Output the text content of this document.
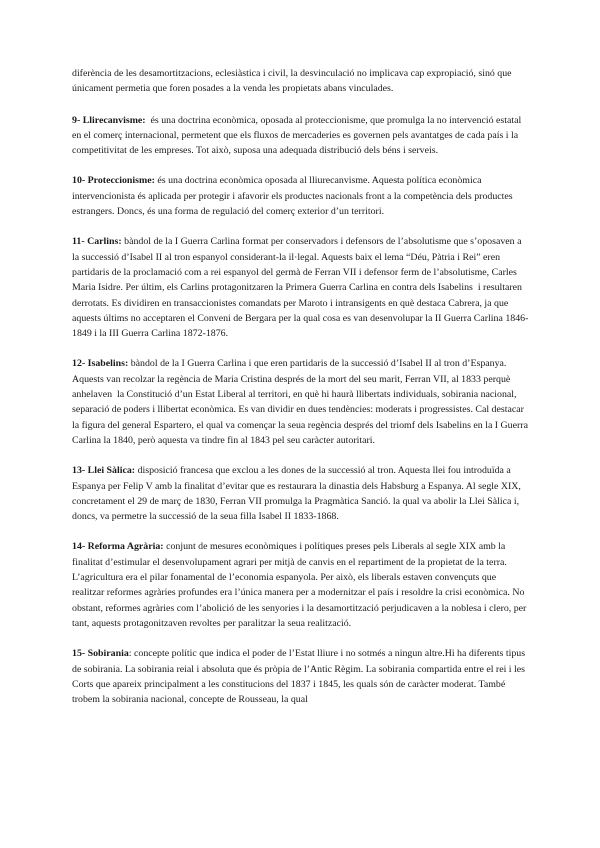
diferència de les desamortitzacions, eclesiàstica i civil, la desvinculació no implicava cap expropiació, sinó que únicament permetia que foren posades a la venda les propietats abans vinculades.

9- Llirecanvisme:  és una doctrina econòmica, oposada al proteccionisme, que promulga la no intervenció estatal en el comerç internacional, permetent que els fluxos de mercaderies es governen pels avantatges de cada país i la competitivitat de les empreses. Tot això, suposa una adequada distribució dels béns i serveis.

10- Proteccionisme: és una doctrina econòmica oposada al lliurecanvisme. Aquesta política econòmica intervencionista és aplicada per protegir i afavorir els productes nacionals front a la competència dels productes estrangers. Doncs, és una forma de regulació del comerç exterior d’un territori.

11- Carlins: bàndol de la I Guerra Carlina format per conservadors i defensors de l’absolutisme que s’oposaven a la successió d’Isabel II al tron espanyol considerant-la il·legal. Aquests baix el lema “Déu, Pàtria i Rei” eren partidaris de la proclamació com a rei espanyol del germà de Ferran VII i defensor ferm de l’absolutisme, Carles Maria Isidre. Per últim, els Carlins protagonitzaren la Primera Guerra Carlina en contra dels Isabelins  i resultaren derrotats. Es dividiren en transaccionistes comandats per Maroto i intransigents en què destaca Cabrera, ja que aquests últims no acceptaren el Conveni de Bergara per la qual cosa es van desenvolupar la II Guerra Carlina 1846-1849 i la III Guerra Carlina 1872-1876.

12- Isabelins: bàndol de la I Guerra Carlina i que eren partidaris de la successió d’Isabel II al tron d’Espanya. Aquests van recolzar la regència de Maria Cristina després de la mort del seu marit, Ferran VII, al 1833 perquè  anhelaven  la Constitució d’un Estat Liberal al territori, en què hi haurà llibertats individuals, sobirania nacional, separació de poders i llibertat econòmica. Es van dividir en dues tendències: moderats i progressistes. Cal destacar la figura del general Espartero, el qual va començar la seua regència després del triomf dels Isabelins en la I Guerra Carlina la 1840, però aquesta va tindre fin al 1843 pel seu caràcter autoritari.

13- Llei Sàlica: disposició francesa que exclou a les dones de la successió al tron. Aquesta llei fou introduïda a Espanya per Felip V amb la finalitat d’evitar que es restaurara la dinastia dels Habsburg a Espanya. Al segle XIX, concretament el 29 de març de 1830, Ferran VII promulga la Pragmàtica Sanció. la qual va abolir la Llei Sàlica i, doncs, va permetre la successió de la seua filla Isabel II 1833-1868.

14- Reforma Agrària: conjunt de mesures econòmiques i polítiques preses pels Liberals al segle XIX amb la finalitat d’estimular el desenvolupament agrari per mitjà de canvis en el repartiment de la propietat de la terra. L’agricultura era el pilar fonamental de l’economia espanyola. Per això, els liberals estaven convençuts que realitzar reformes agràries profundes era l’única manera per a modernitzar el país i resoldre la crisi econòmica. No obstant, reformes agràries com l’abolició de les senyories i la desamortització perjudicaven a la noblesa i clero, per tant, aquests protagonitzaven revoltes per paralitzar la seua realització.

15- Sobirania: concepte polític que indica el poder de l’Estat lliure i no sotmés a ningun altre.Hi ha diferents tipus de sobirania. La sobirania reial i absoluta que és pròpia de l’Antic Règim. La sobirania compartida entre el rei i les Corts que apareix principalment a les constitucions del 1837 i 1845, les quals són de caràcter moderat. També trobem la sobirania nacional, concepte de Rousseau, la qual
